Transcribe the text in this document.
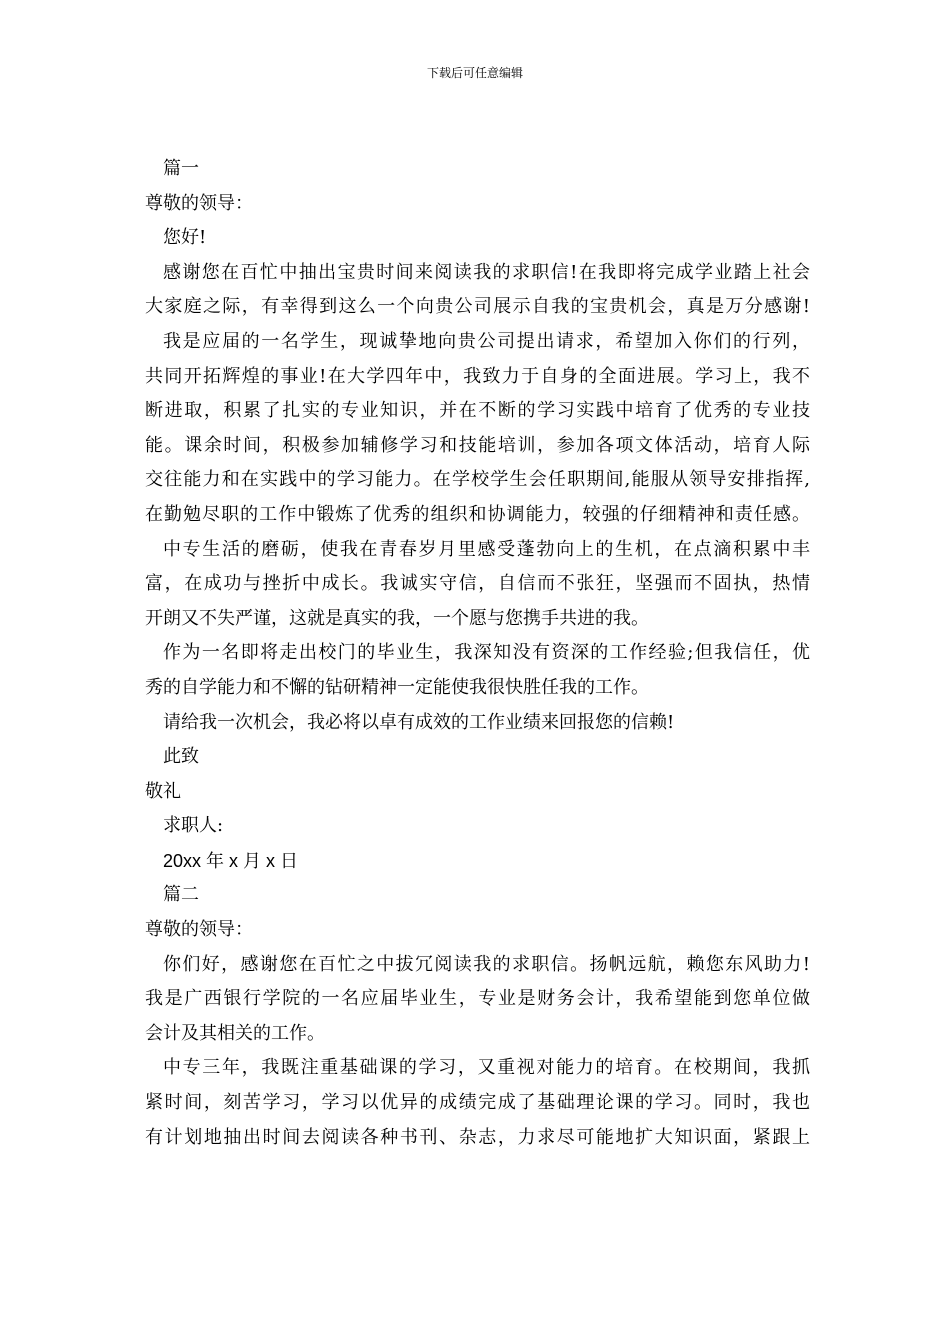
下载后可任意编辑
篇一
尊敬的领导：
您好!
感谢您在百忙中抽出宝贵时间来阅读我的求职信!在我即将完成学业踏上社会
大家庭之际，有幸得到这么一个向贵公司展示自我的宝贵机会，真是万分感谢!
我是应届的一名学生，现诚挚地向贵公司提出请求，希望加入你们的行列，
共同开拓辉煌的事业!在大学四年中，我致力于自身的全面进展。学习上，我不
断进取，积累了扎实的专业知识，并在不断的学习实践中培育了优秀的专业技
能。课余时间，积极参加辅修学习和技能培训，参加各项文体活动，培育人际
交往能力和在实践中的学习能力。在学校学生会任职期间,能服从领导安排指挥,
在勤勉尽职的工作中锻炼了优秀的组织和协调能力，较强的仔细精神和责任感。
中专生活的磨砺，使我在青春岁月里感受蓬勃向上的生机，在点滴积累中丰
富，在成功与挫折中成长。我诚实守信，自信而不张狂，坚强而不固执，热情
开朗又不失严谨，这就是真实的我，一个愿与您携手共进的我。
作为一名即将走出校门的毕业生，我深知没有资深的工作经验;但我信任，优
秀的自学能力和不懈的钻研精神一定能使我很快胜任我的工作。
请给我一次机会，我必将以卓有成效的工作业绩来回报您的信赖!
此致
敬礼
求职人:
20xx 年 x 月 x 日
篇二
尊敬的领导：
你们好，感谢您在百忙之中拔冗阅读我的求职信。扬帆远航，赖您东风助力!
我是广西银行学院的一名应届毕业生，专业是财务会计，我希望能到您单位做
会计及其相关的工作。
中专三年，我既注重基础课的学习，又重视对能力的培育。在校期间，我抓
紧时间，刻苦学习，学习以优异的成绩完成了基础理论课的学习。同时，我也
有计划地抽出时间去阅读各种书刊、杂志，力求尽可能地扩大知识面，紧跟上
